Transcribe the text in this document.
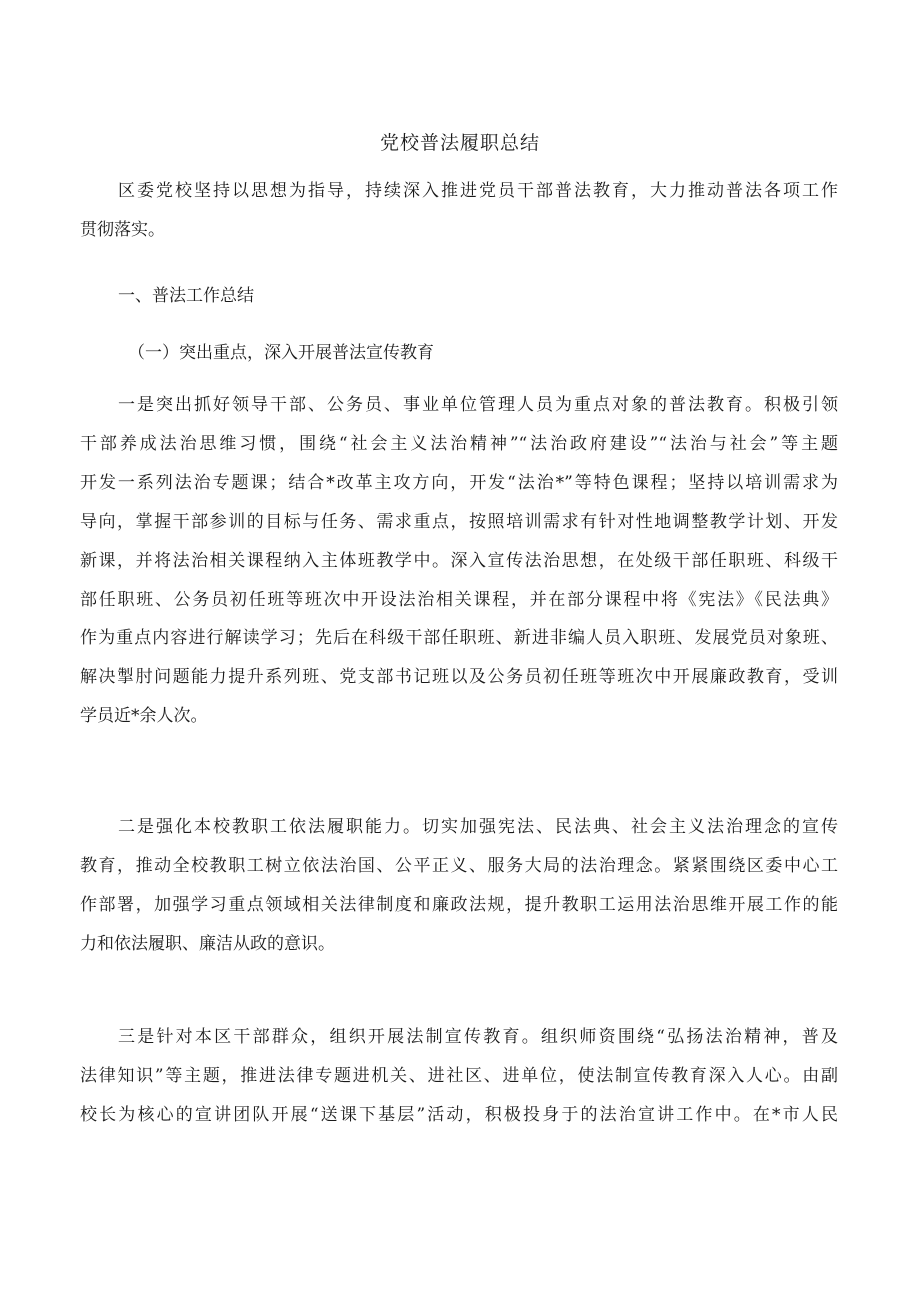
党校普法履职总结
区委党校坚持以思想为指导，持续深入推进党员干部普法教育，大力推动普法各项工作
贯彻落实。
一、普法工作总结
（一）突出重点，深入开展普法宣传教育
一是突出抓好领导干部、公务员、事业单位管理人员为重点对象的普法教育。积极引领
干部养成法治思维习惯，围绕“社会主义法治精神”“法治政府建设”“法治与社会”等主题
开发一系列法治专题课；结合*改革主攻方向，开发“法治*”等特色课程；坚持以培训需求为
导向，掌握干部参训的目标与任务、需求重点，按照培训需求有针对性地调整教学计划、开发
新课，并将法治相关课程纳入主体班教学中。深入宣传法治思想，在处级干部任职班、科级干
部任职班、公务员初任班等班次中开设法治相关课程，并在部分课程中将《宪法》《民法典》
作为重点内容进行解读学习；先后在科级干部任职班、新进非编人员入职班、发展党员对象班、
解决掣肘问题能力提升系列班、党支部书记班以及公务员初任班等班次中开展廉政教育，受训
学员近*余人次。
二是强化本校教职工依法履职能力。切实加强宪法、民法典、社会主义法治理念的宣传
教育，推动全校教职工树立依法治国、公平正义、服务大局的法治理念。紧紧围绕区委中心工
作部署，加强学习重点领域相关法律制度和廉政法规，提升教职工运用法治思维开展工作的能
力和依法履职、廉洁从政的意识。
三是针对本区干部群众，组织开展法制宣传教育。组织师资围绕“弘扬法治精神，普及
法律知识”等主题，推进法律专题进机关、进社区、进单位，使法制宣传教育深入人心。由副
校长为核心的宣讲团队开展“送课下基层”活动，积极投身于的法治宣讲工作中。在*市人民
